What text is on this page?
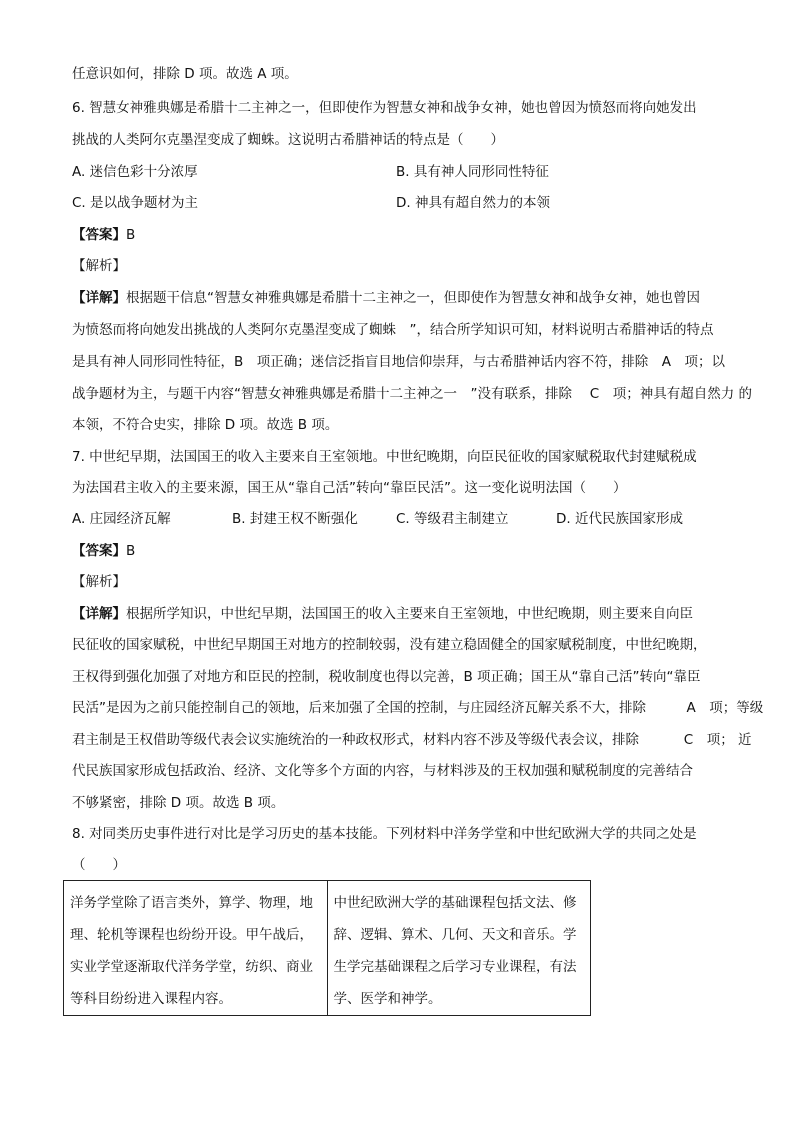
任意识如何，排除 D 项。故选 A 项。
6. 智慧女神雅典娜是希腊十二主神之一，但即使作为智慧女神和战争女神，她也曾因为愤怒而将向她发出
挑战的人类阿尔克墨涅变成了蜘蛛。这说明古希腊神话的特点是（　　）
A. 迷信色彩十分浓厚	B. 具有神人同形同性特征
C. 是以战争题材为主	D. 神具有超自然力的本领
【答案】B
【解析】
【详解】根据题干信息“智慧女神雅典娜是希腊十二主神之一，但即使作为智慧女神和战争女神，她也曾因
为愤怒而将向她发出挑战的人类阿尔克墨涅变成了蜘蛛　”，结合所学知识可知，材料说明古希腊神话的特点
是具有神人同形同性特征，B　项正确；迷信泛指盲目地信仰崇拜，与古希腊神话内容不符，排除　A　项；以
战争题材为主，与题干内容“智慧女神雅典娜是希腊十二主神之一　”没有联系，排除　 C　项；神具有超自然力 的
本领，不符合史实，排除 D 项。故选 B 项。
7. 中世纪早期，法国国王的收入主要来自王室领地。中世纪晚期，向臣民征收的国家赋税取代封建赋税成
为法国君主收入的主要来源，国王从“靠自己活”转向“靠臣民活”。这一变化说明法国（　　）
A. 庄园经济瓦解	B. 封建王权不断强化	C. 等级君主制建立	D. 近代民族国家形成
【答案】B
【解析】
【详解】根据所学知识，中世纪早期，法国国王的收入主要来自王室领地，中世纪晚期，则主要来自向臣
民征收的国家赋税，中世纪早期国王对地方的控制较弱，没有建立稳固健全的国家赋税制度，中世纪晚期，
王权得到强化加强了对地方和臣民的控制，税收制度也得以完善，B 项正确；国王从“靠自己活”转向“靠臣
民活”是因为之前只能控制自己的领地，后来加强了全国的控制，与庄园经济瓦解关系不大，排除　　　A　项；等级
君主制是王权借助等级代表会议实施统治的一种政权形式，材料内容不涉及等级代表会议，排除　　　 C　项； 近
代民族国家形成包括政治、经济、文化等多个方面的内容，与材料涉及的王权加强和赋税制度的完善结合
不够紧密，排除 D 项。故选 B 项。
8. 对同类历史事件进行对比是学习历史的基本技能。下列材料中洋务学堂和中世纪欧洲大学的共同之处是
（　　）
洋务学堂除了语言类外，算学、物理，地
理、轮机等课程也纷纷开设。甲午战后，
实业学堂逐渐取代洋务学堂，纺织、商业
等科目纷纷进入课程内容。

中世纪欧洲大学的基础课程包括文法、修
辞、逻辑、算术、几何、天文和音乐。学
生学完基础课程之后学习专业课程，有法
学、医学和神学。
